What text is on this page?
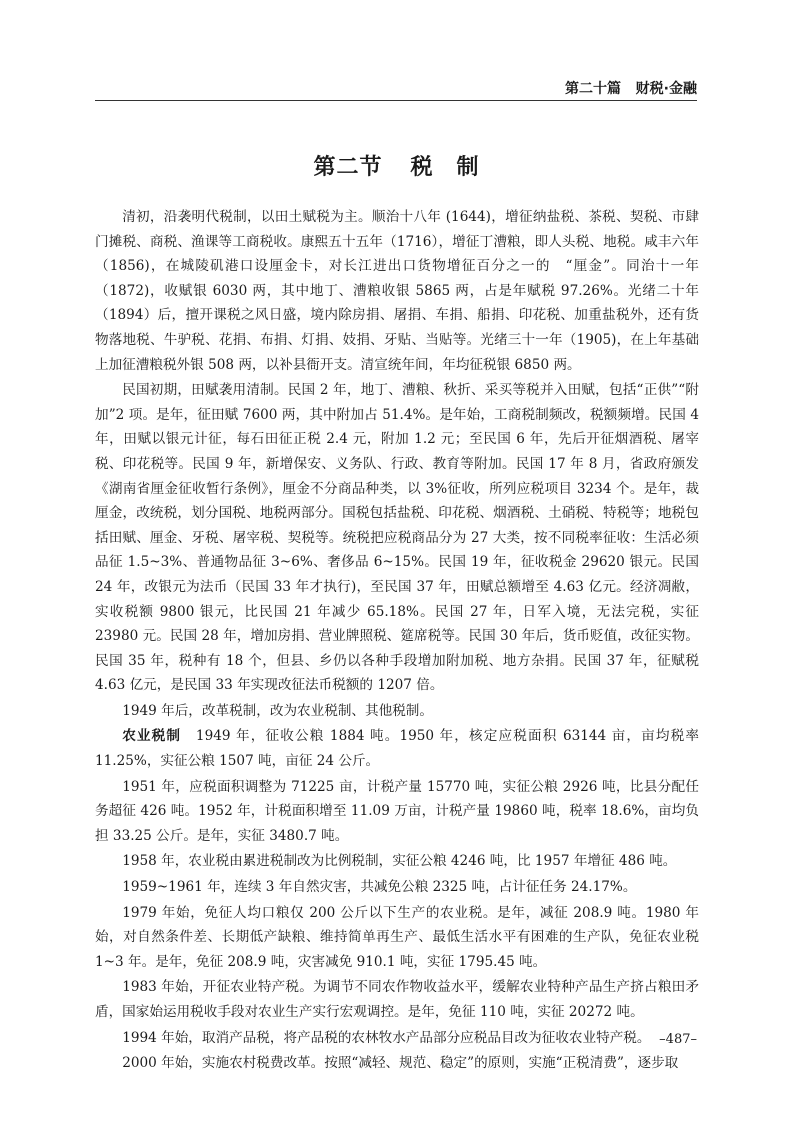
第二十篇 财税·金融
第二节 税　制

清初，沿袭明代税制，以田土赋税为主。顺治十八年 (1644)，增征纳盐税、茶税、契税、市肆门摊税、商税、渔课等工商税收。康熙五十五年（1716），增征丁漕粮，即人头税、地税。咸丰六年（1856)，在城陵矶港口设厘金卡，对长江进出口货物增征百分之一的　“厘金”。同治十一年（1872)，收赋银 6030 两，其中地丁、漕粮收银 5865 两，占是年赋税 97.26%。光绪二十年（1894）后，擅开课税之风日盛，境内除房捐、屠捐、车捐、船捐、印花税、加重盐税外，还有货物落地税、牛驴税、花捐、布捐、灯捐、妓捐、牙贴、当贴等。光绪三十一年（1905)，在上年基础上加征漕粮税外银 508 两，以补县衙开支。清宣统年间，年均征税银 6850 两。

民国初期，田赋袭用清制。民国 2 年，地丁、漕粮、秋折、采买等税并入田赋，包括“正供”“附加”2 项。是年，征田赋 7600 两，其中附加占 51.4%。是年始，工商税制频改，税额频增。民国 4 年，田赋以银元计征，每石田征正税 2.4 元，附加 1.2 元；至民国 6 年，先后开征烟酒税、屠宰税、印花税等。民国 9 年，新增保安、义务队、行政、教育等附加。民国 17 年 8 月，省政府颁发《湖南省厘金征收暂行条例》，厘金不分商品种类，以 3%征收，所列应税项目 3234 个。是年，裁厘金，改统税，划分国税、地税两部分。国税包括盐税、印花税、烟酒税、土硝税、特税等；地税包括田赋、厘金、牙税、屠宰税、契税等。统税把应税商品分为 27 大类，按不同税率征收：生活必须品征 1.5~3%、普通物品征 3~6%、奢侈品 6~15%。民国 19 年，征收税金 29620 银元。民国 24 年，改银元为法币（民国 33 年才执行)，至民国 37 年，田赋总额增至 4.63 亿元。经济凋敝，实收税额 9800 银元，比民国 21 年减少 65.18%。民国 27 年，日军入境，无法完税，实征 23980 元。民国 28 年，增加房捐、营业牌照税、筵席税等。民国 30 年后，货币贬值，改征实物。民国 35 年，税种有 18 个，但县、乡仍以各种手段增加附加税、地方杂捐。民国 37 年，征赋税 4.63 亿元，是民国 33 年实现改征法币税额的 1207 倍。

1949 年后，改革税制，改为农业税制、其他税制。

农业税制　1949 年，征收公粮 1884 吨。1950 年，核定应税面积 63144 亩，亩均税率 11.25%，实征公粮 1507 吨，亩征 24 公斤。

1951 年，应税面积调整为 71225 亩，计税产量 15770 吨，实征公粮 2926 吨，比县分配任务超征 426 吨。1952 年，计税面积增至 11.09 万亩，计税产量 19860 吨，税率 18.6%，亩均负担 33.25 公斤。是年，实征 3480.7 吨。

1958 年，农业税由累进税制改为比例税制，实征公粮 4246 吨，比 1957 年增征 486 吨。

1959~1961 年，连续 3 年自然灾害，共减免公粮 2325 吨，占计征任务 24.17%。

1979 年始，免征人均口粮仅 200 公斤以下生产的农业税。是年，减征 208.9 吨。1980 年始，对自然条件差、长期低产缺粮、维持简单再生产、最低生活水平有困难的生产队，免征农业税 1~3 年。是年，免征 208.9 吨，灾害减免 910.1 吨，实征 1795.45 吨。

1983 年始，开征农业特产税。为调节不同农作物收益水平，缓解农业特种产品生产挤占粮田矛盾，国家始运用税收手段对农业生产实行宏观调控。是年，免征 110 吨，实征 20272 吨。

1994 年始，取消产品税，将产品税的农林牧水产品部分应税品目改为征收农业特产税。

2000 年始，实施农村税费改革。按照“减轻、规范、稳定”的原则，实施“正税清费”，逐步取

–487–
